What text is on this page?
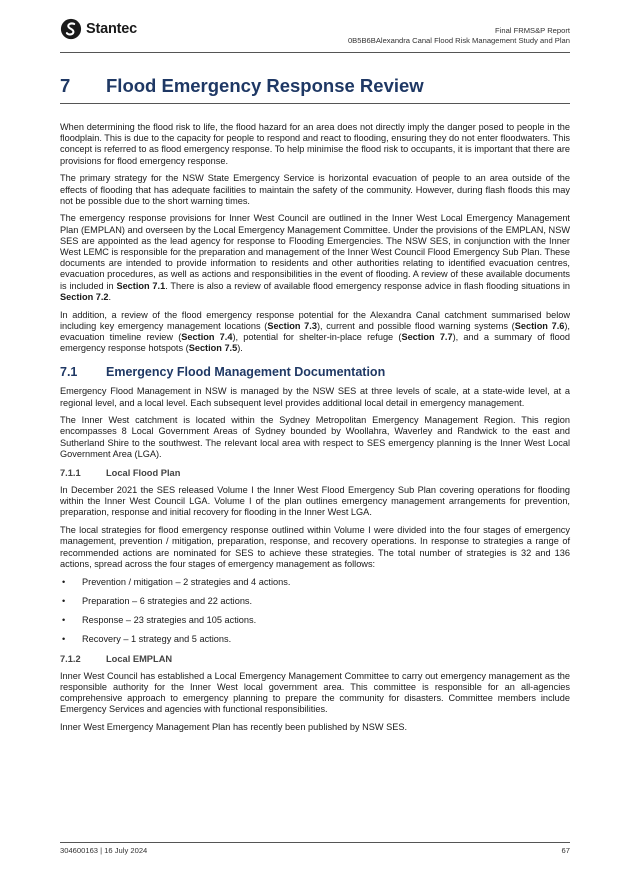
Stantec	Final FRMS&P Report
0B5B6BAlexandra Canal Flood Risk Management Study and Plan
7	Flood Emergency Response Review

When determining the flood risk to life, the flood hazard for an area does not directly imply the danger posed to people in the floodplain. This is due to the capacity for people to respond and react to flooding, ensuring they do not enter floodwaters. This concept is referred to as flood emergency response. To help minimise the flood risk to occupants, it is important that there are provisions for flood emergency response.

The primary strategy for the NSW State Emergency Service is horizontal evacuation of people to an area outside of the effects of flooding that has adequate facilities to maintain the safety of the community. However, during flash floods this may not be possible due to the short warning times.

The emergency response provisions for Inner West Council are outlined in the Inner West Local Emergency Management Plan (EMPLAN) and overseen by the Local Emergency Management Committee. Under the provisions of the EMPLAN, NSW SES are appointed as the lead agency for response to Flooding Emergencies. The NSW SES, in conjunction with the Inner West LEMC is responsible for the preparation and management of the Inner West Council Flood Emergency Sub Plan. These documents are intended to provide information to residents and other authorities relating to identified evacuation centres, evacuation procedures, as well as actions and responsibilities in the event of flooding. A review of these available documents is included in Section 7.1. There is also a review of available flood emergency response advice in flash flooding situations in Section 7.2.

In addition, a review of the flood emergency response potential for the Alexandra Canal catchment summarised below including key emergency management locations (Section 7.3), current and possible flood warning systems (Section 7.6), evacuation timeline review (Section 7.4), potential for shelter-in-place refuge (Section 7.7), and a summary of flood emergency response hotspots (Section 7.5).

7.1	Emergency Flood Management Documentation

Emergency Flood Management in NSW is managed by the NSW SES at three levels of scale, at a state-wide level, at a regional level, and a local level. Each subsequent level provides additional local detail in emergency management.

The Inner West catchment is located within the Sydney Metropolitan Emergency Management Region. This region encompasses 8 Local Government Areas of Sydney bounded by Woollahra, Waverley and Randwick to the east and Sutherland Shire to the southwest. The relevant local area with respect to SES emergency planning is the Inner West Local Government Area (LGA).

7.1.1	Local Flood Plan

In December 2021 the SES released Volume I the Inner West Flood Emergency Sub Plan covering operations for flooding within the Inner West Council LGA. Volume I of the plan outlines emergency management arrangements for prevention, preparation, response and initial recovery for flooding in the Inner West LGA.

The local strategies for flood emergency response outlined within Volume I were divided into the four stages of emergency management, prevention / mitigation, preparation, response, and recovery operations. In response to strategies a range of recommended actions are nominated for SES to achieve these strategies. The total number of strategies is 32 and 136 actions, spread across the four stages of emergency management as follows:

•	Prevention / mitigation – 2 strategies and 4 actions.
•	Preparation – 6 strategies and 22 actions.
•	Response – 23 strategies and 105 actions.
•	Recovery – 1 strategy and 5 actions.
7.1.2	Local EMPLAN

Inner West Council has established a Local Emergency Management Committee to carry out emergency management as the responsible authority for the Inner West local government area. This committee is responsible for an all-agencies comprehensive approach to emergency planning to prepare the community for disasters. Committee members include Emergency Services and agencies with functional responsibilities.

Inner West Emergency Management Plan has recently been published by NSW SES.

304600163 | 16 July 2024	67
